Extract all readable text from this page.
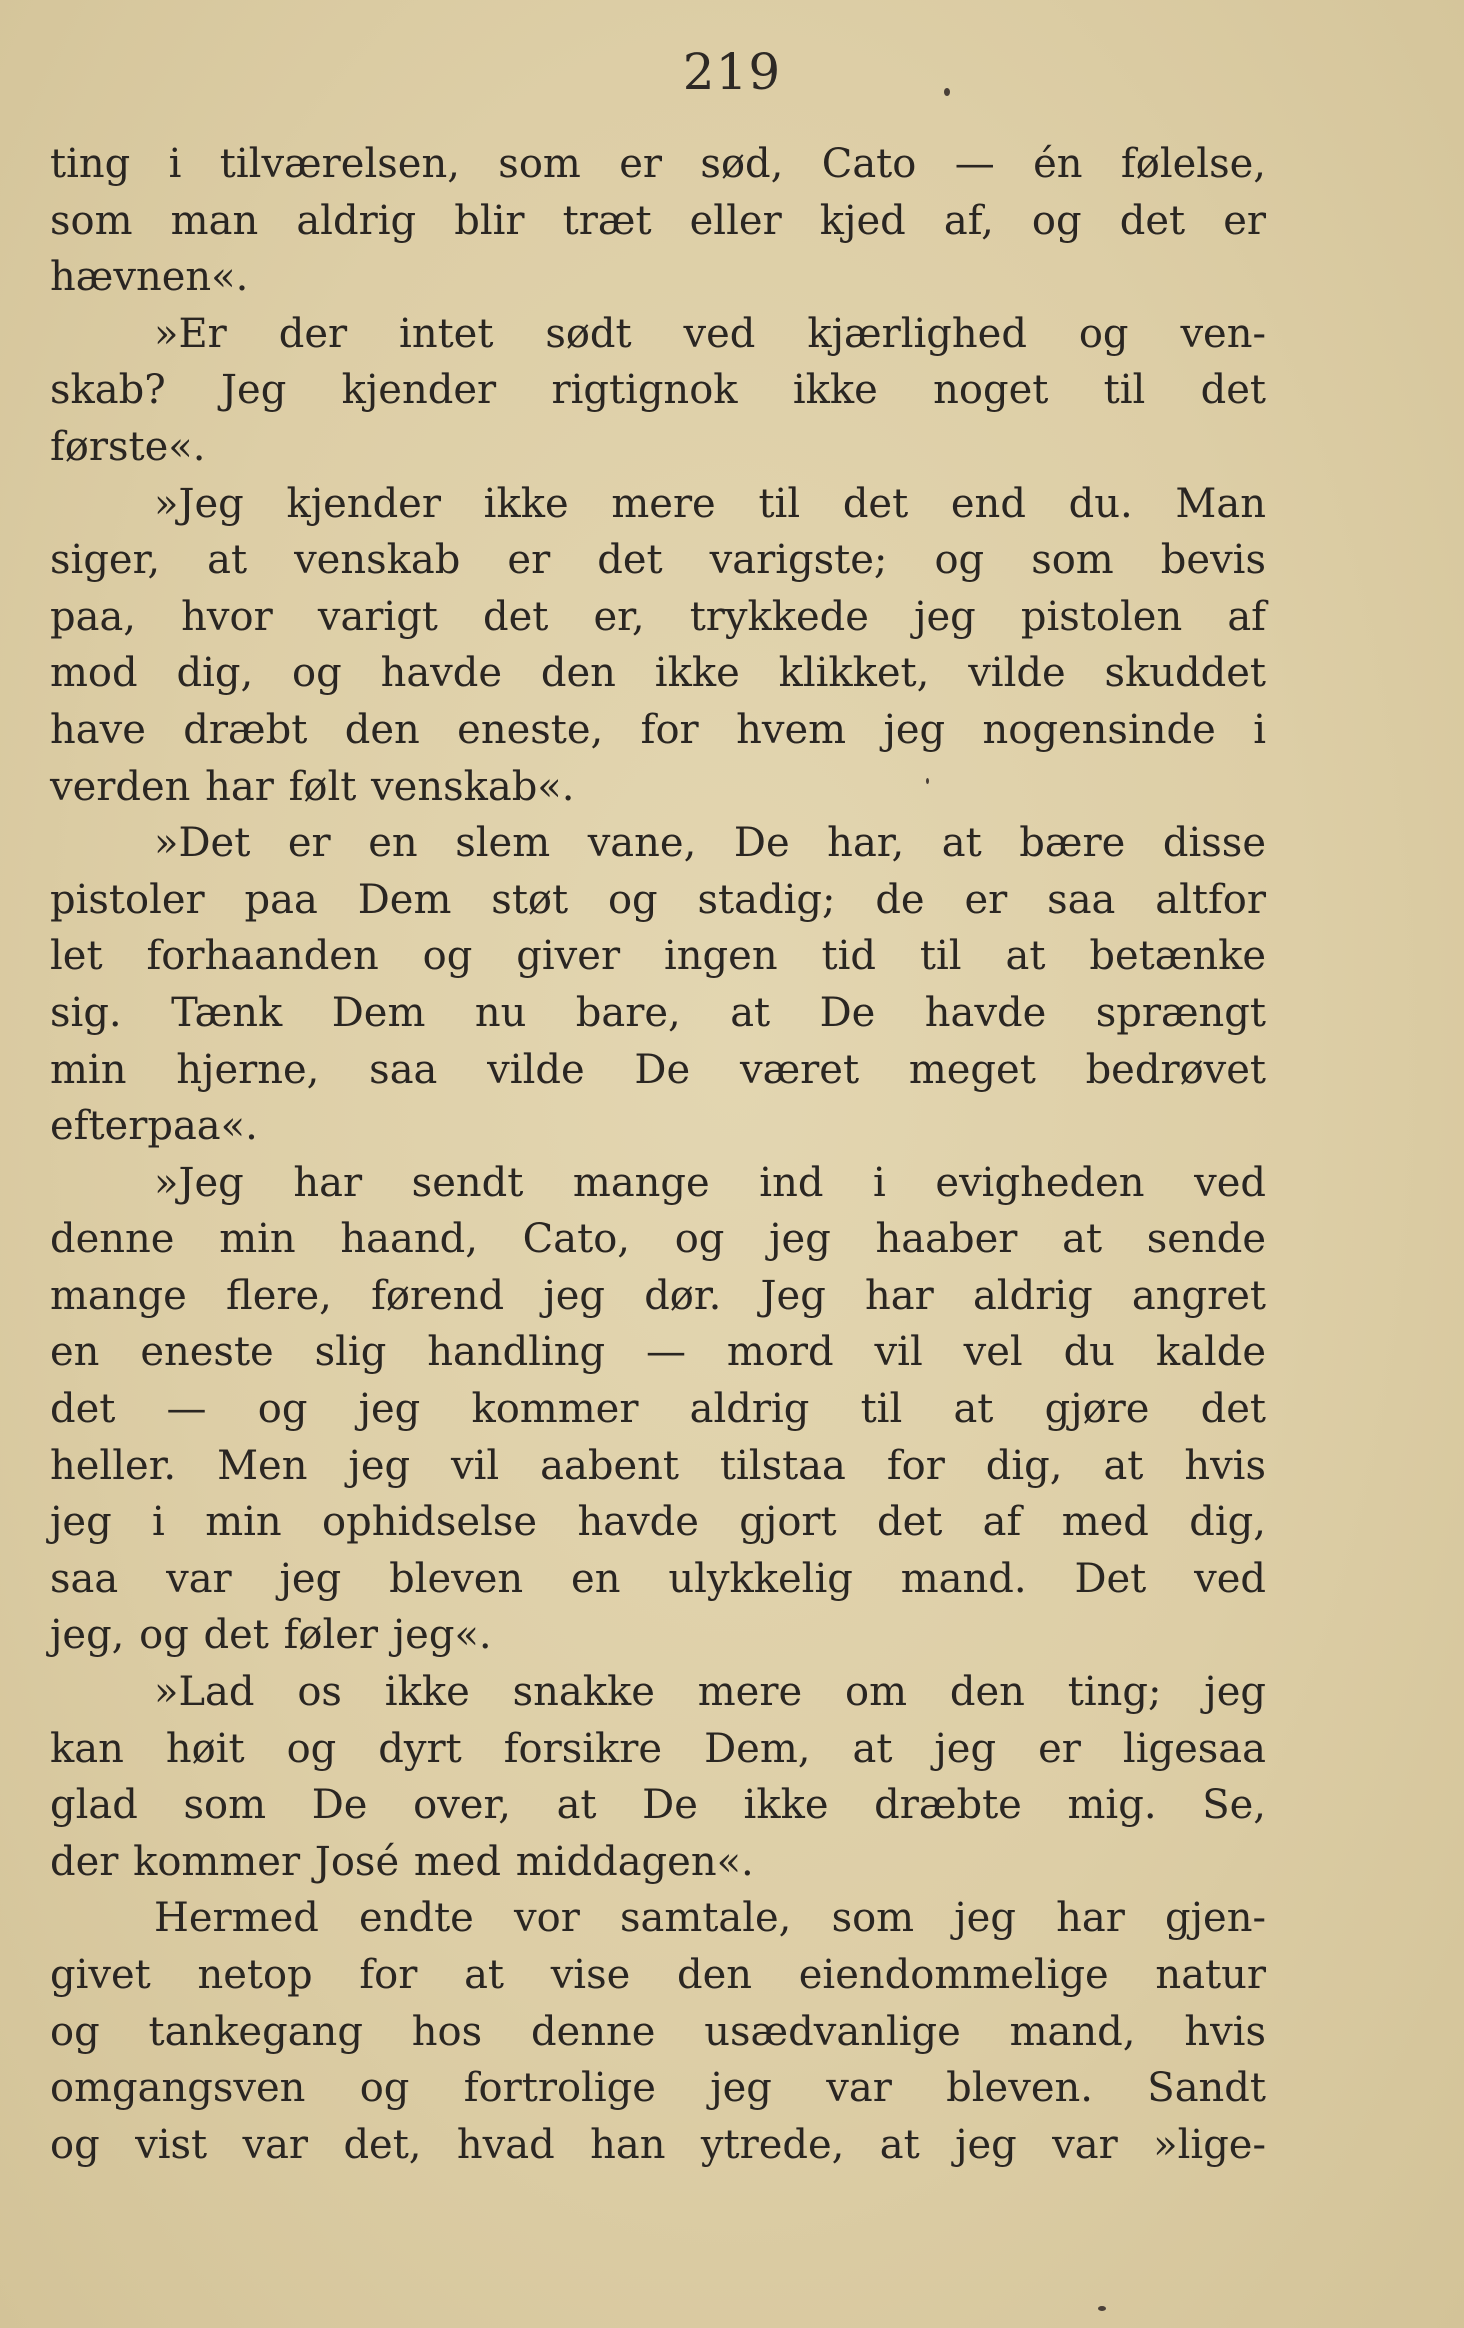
219
ting i tilværelsen, som er sød, Cato — én følelse,
som man aldrig blir træt eller kjed af, og det er
hævnen«.
»Er der intet sødt ved kjærlighed og ven-
skab? Jeg kjender rigtignok ikke noget til det
første«.
»Jeg kjender ikke mere til det end du. Man
siger, at venskab er det varigste; og som bevis
paa, hvor varigt det er, trykkede jeg pistolen af
mod dig, og havde den ikke klikket, vilde skuddet
have dræbt den eneste, for hvem jeg nogensinde i
verden har følt venskab«.
»Det er en slem vane, De har, at bære disse
pistoler paa Dem støt og stadig; de er saa altfor
let forhaanden og giver ingen tid til at betænke
sig. Tænk Dem nu bare, at De havde sprængt
min hjerne, saa vilde De været meget bedrøvet
efterpaa«.
»Jeg har sendt mange ind i evigheden ved
denne min haand, Cato, og jeg haaber at sende
mange flere, førend jeg dør. Jeg har aldrig angret
en eneste slig handling — mord vil vel du kalde
det — og jeg kommer aldrig til at gjøre det
heller. Men jeg vil aabent tilstaa for dig, at hvis
jeg i min ophidselse havde gjort det af med dig,
saa var jeg bleven en ulykkelig mand. Det ved
jeg, og det føler jeg«.
»Lad os ikke snakke mere om den ting; jeg
kan høit og dyrt forsikre Dem, at jeg er ligesaa
glad som De over, at De ikke dræbte mig. Se,
der kommer José med middagen«.
Hermed endte vor samtale, som jeg har gjen-
givet netop for at vise den eiendommelige natur
og tankegang hos denne usædvanlige mand, hvis
omgangsven og fortrolige jeg var bleven. Sandt
og vist var det, hvad han ytrede, at jeg var »lige-
